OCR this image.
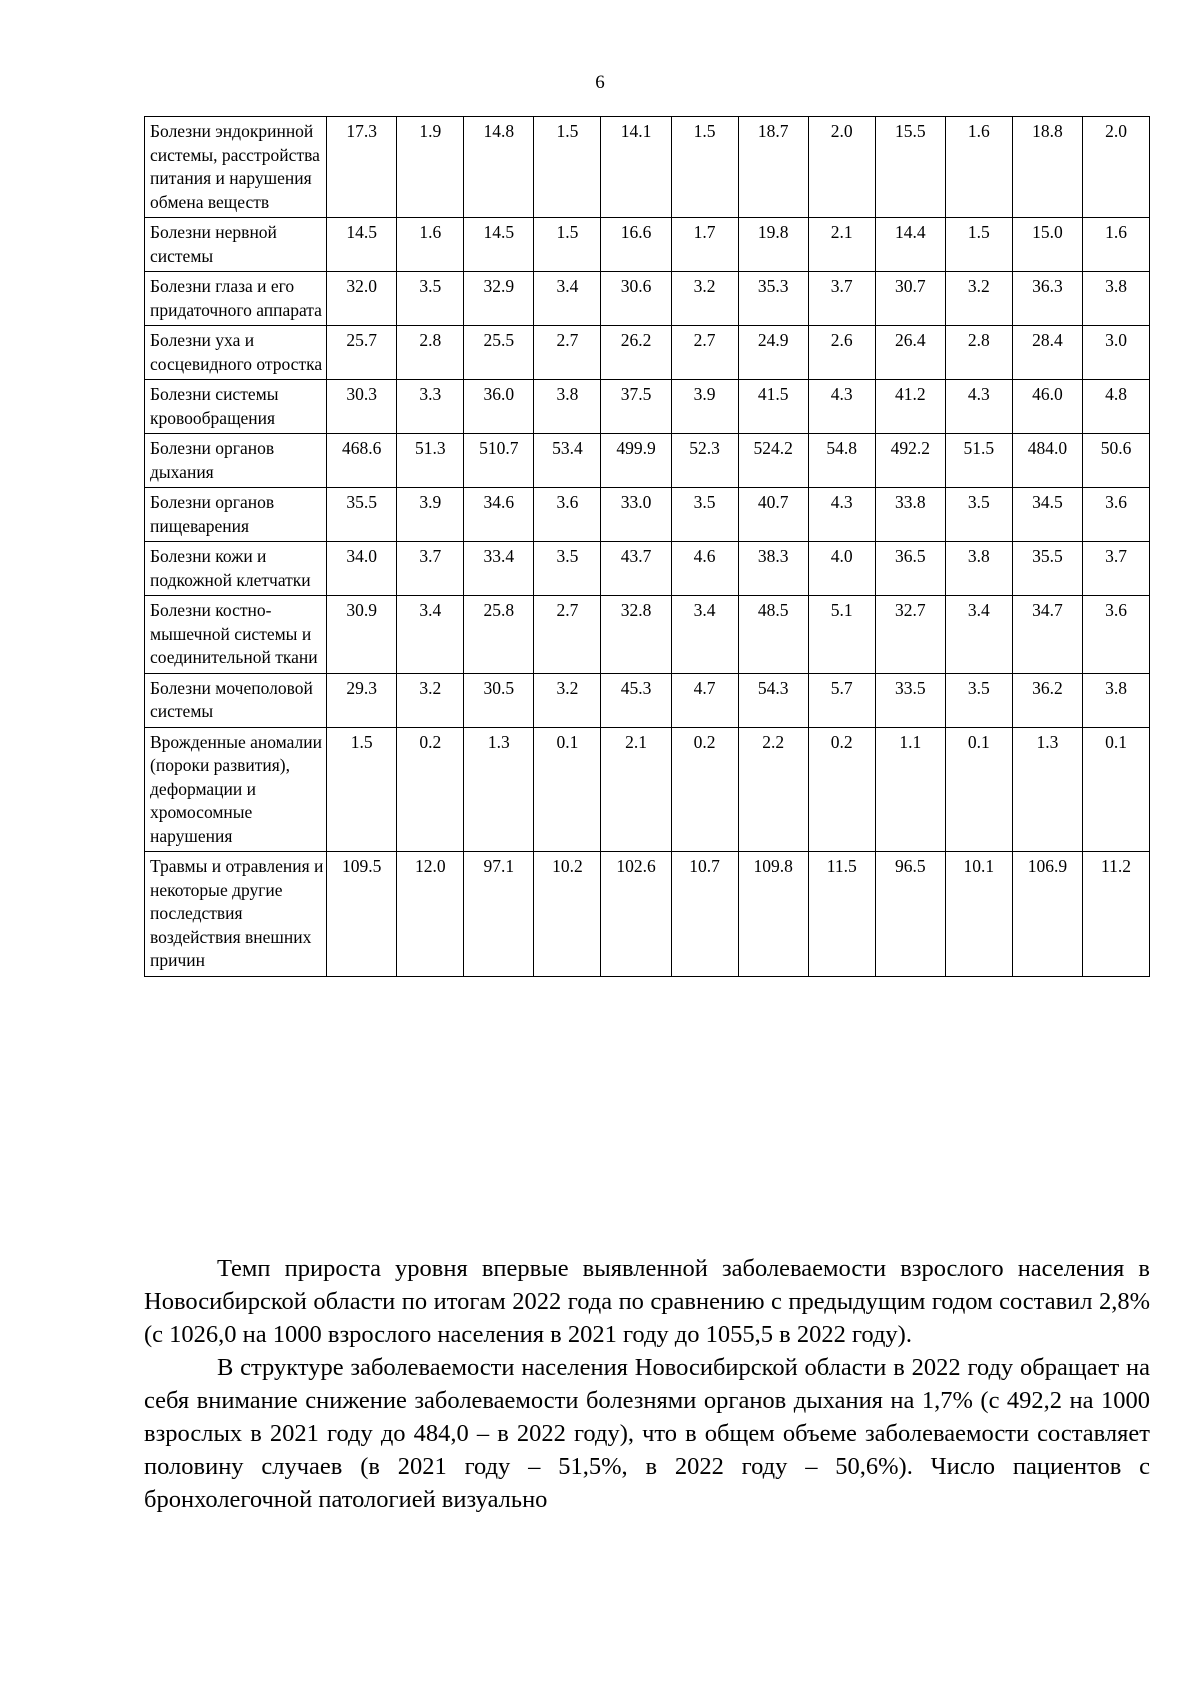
6
Болезни эндокринной системы, расстройства питания и нарушения обмена веществ	17.3	1.9	14.8	1.5	14.1	1.5	18.7	2.0	15.5	1.6	18.8	2.0
Болезни нервной системы	14.5	1.6	14.5	1.5	16.6	1.7	19.8	2.1	14.4	1.5	15.0	1.6
Болезни глаза и его придаточного аппарата	32.0	3.5	32.9	3.4	30.6	3.2	35.3	3.7	30.7	3.2	36.3	3.8
Болезни уха и сосцевидного отростка	25.7	2.8	25.5	2.7	26.2	2.7	24.9	2.6	26.4	2.8	28.4	3.0
Болезни системы кровообращения	30.3	3.3	36.0	3.8	37.5	3.9	41.5	4.3	41.2	4.3	46.0	4.8
Болезни органов дыхания	468.6	51.3	510.7	53.4	499.9	52.3	524.2	54.8	492.2	51.5	484.0	50.6
Болезни органов пищеварения	35.5	3.9	34.6	3.6	33.0	3.5	40.7	4.3	33.8	3.5	34.5	3.6
Болезни кожи и подкожной клетчатки	34.0	3.7	33.4	3.5	43.7	4.6	38.3	4.0	36.5	3.8	35.5	3.7
Болезни костно-мышечной системы и соединительной ткани	30.9	3.4	25.8	2.7	32.8	3.4	48.5	5.1	32.7	3.4	34.7	3.6
Болезни мочеполовой системы	29.3	3.2	30.5	3.2	45.3	4.7	54.3	5.7	33.5	3.5	36.2	3.8
Врожденные аномалии (пороки развития), деформации и хромосомные нарушения	1.5	0.2	1.3	0.1	2.1	0.2	2.2	0.2	1.1	0.1	1.3	0.1
Травмы и отравления и некоторые другие последствия воздействия внешних причин	109.5	12.0	97.1	10.2	102.6	10.7	109.8	11.5	96.5	10.1	106.9	11.2

Темп прироста уровня впервые выявленной заболеваемости взрослого населения в Новосибирской области по итогам 2022 года по сравнению с предыдущим годом составил 2,8% (с 1026,0 на 1000 взрослого населения в 2021 году до 1055,5 в 2022 году).

В структуре заболеваемости населения Новосибирской области в 2022 году обращает на себя внимание снижение заболеваемости болезнями органов дыхания на 1,7% (с 492,2 на 1000 взрослых в 2021 году до 484,0 – в 2022 году), что в общем объеме заболеваемости составляет половину случаев (в 2021 году – 51,5%, в 2022 году – 50,6%). Число пациентов с бронхолегочной патологией визуально
